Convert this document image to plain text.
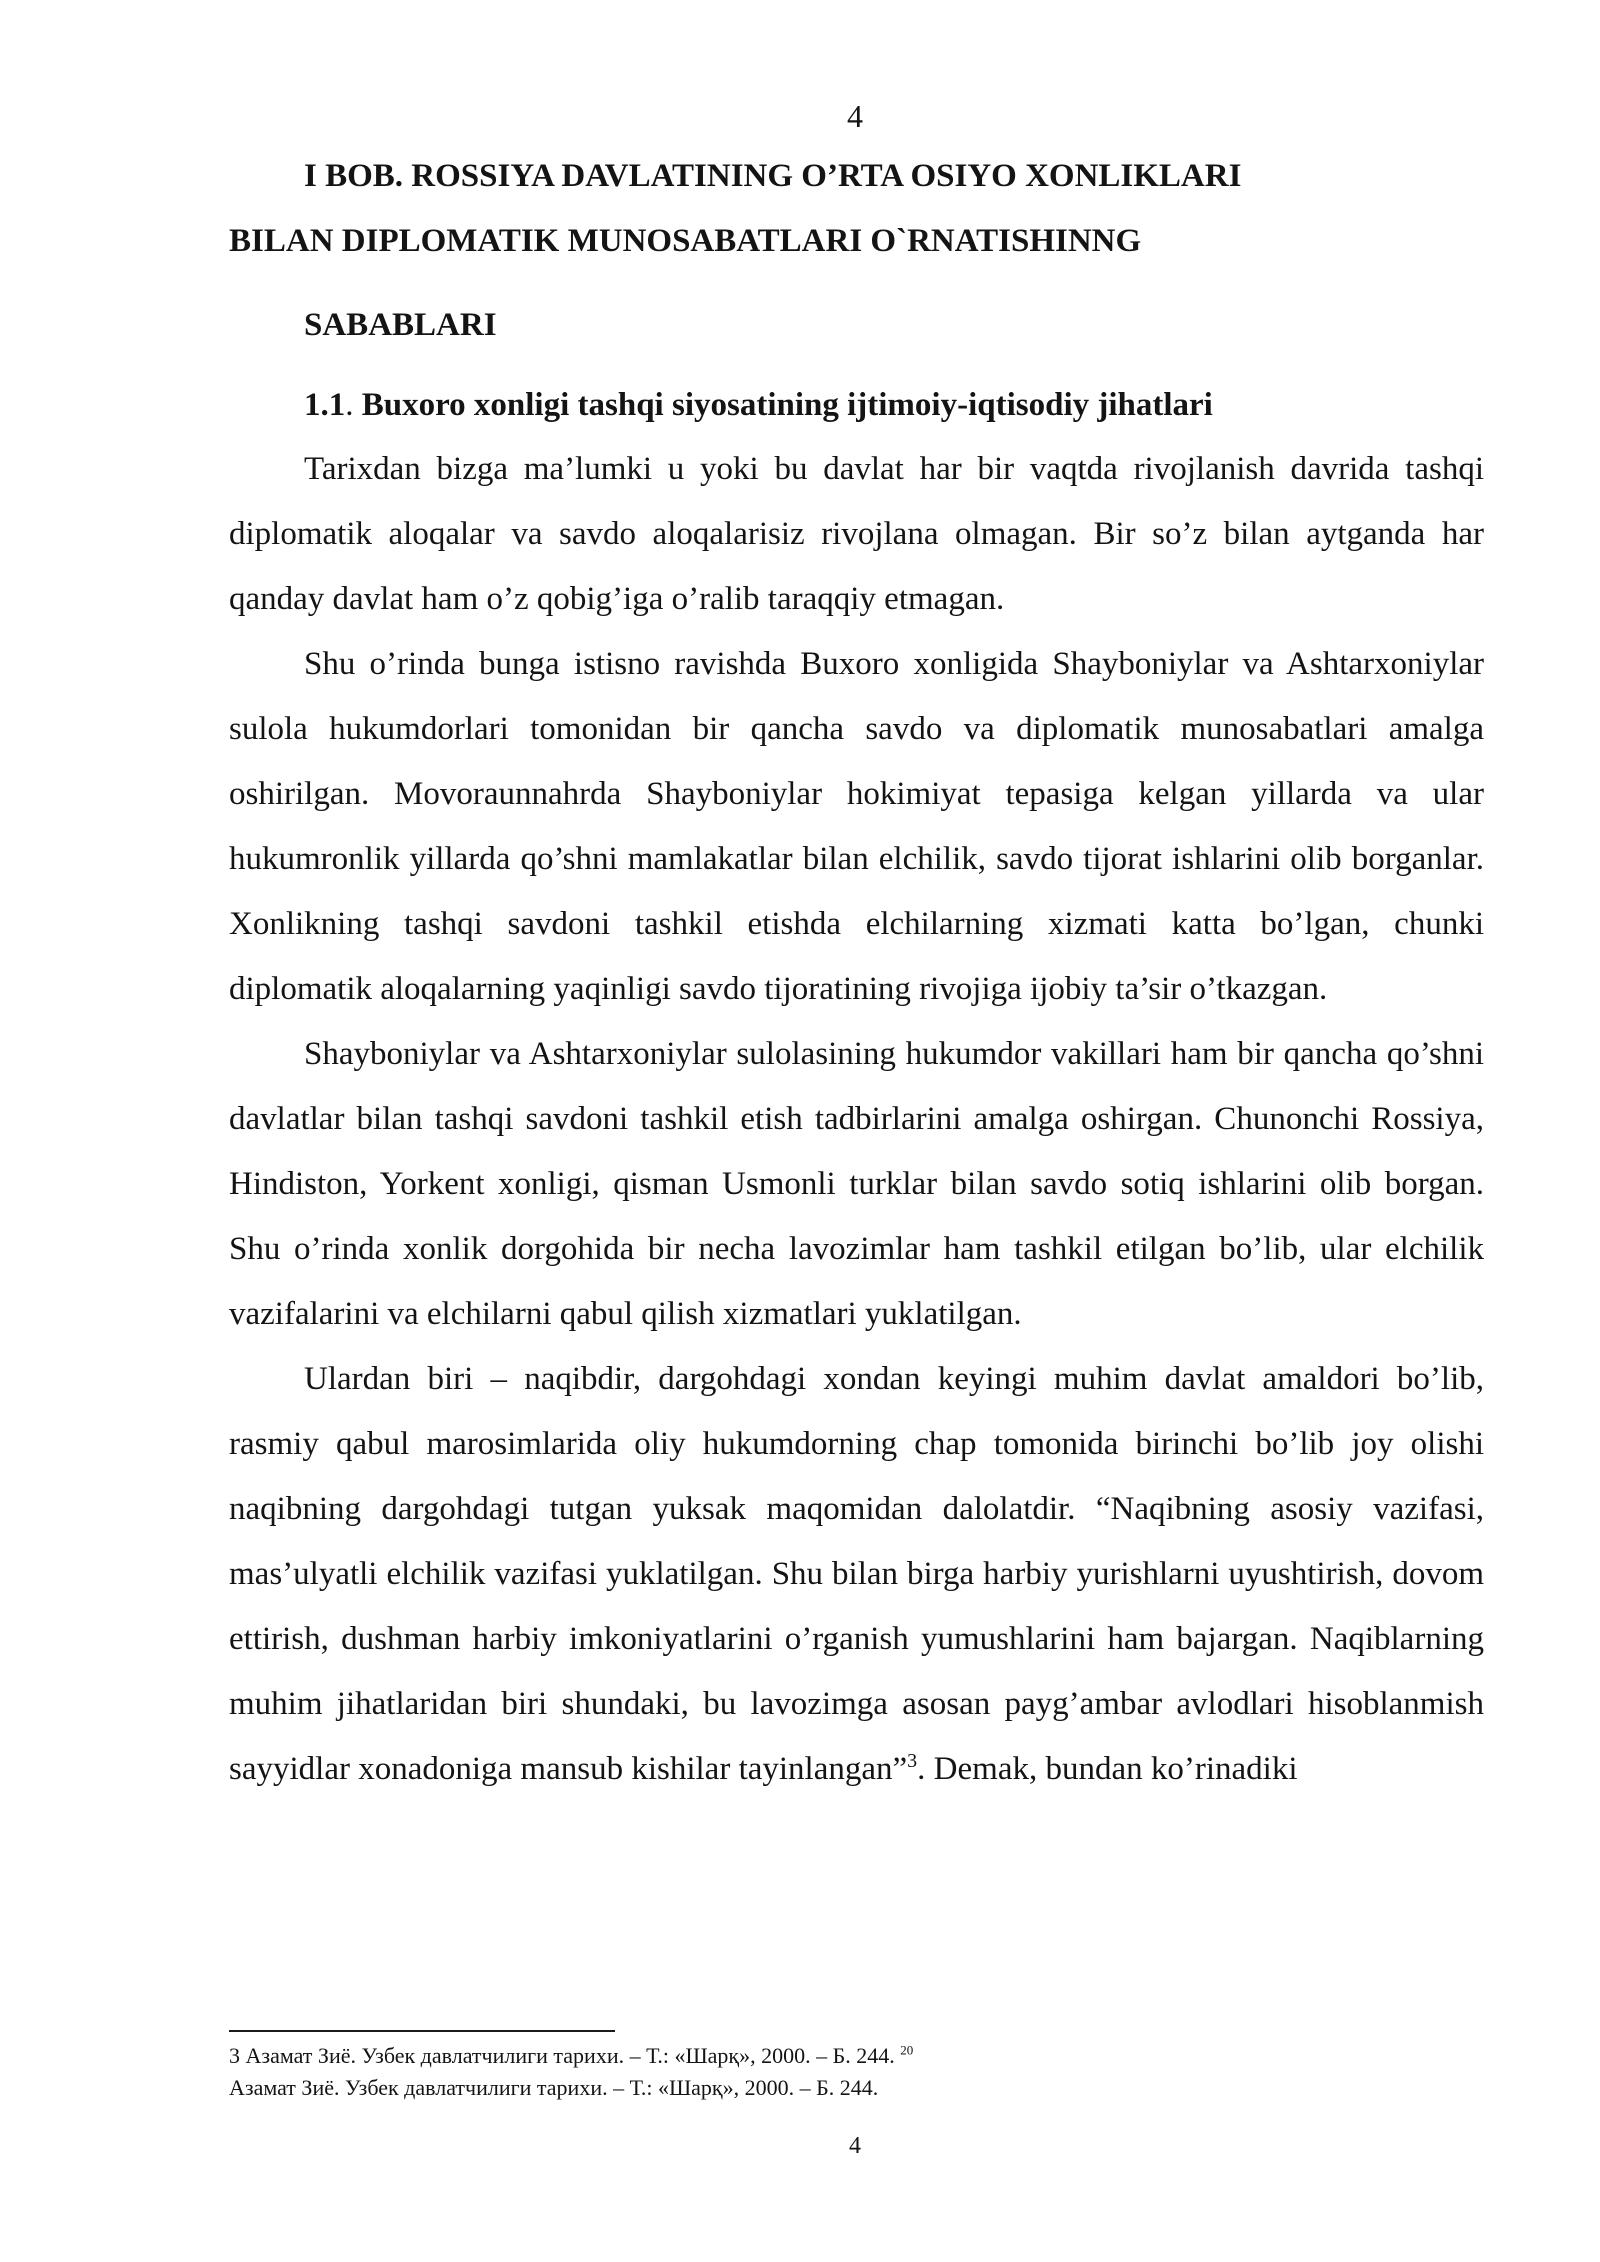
4
I BOB. ROSSIYA DAVLATINING O’RTA OSIYO XONLIKLARI
BILAN DIPLOMATIK MUNOSABATLARI O`RNATISHINNG
SABABLARI
1.1. Buxoro xonligi tashqi siyosatining ijtimoiy-iqtisodiy jihatlari

Tarixdan bizga ma’lumki u yoki bu davlat har bir vaqtda rivojlanish davrida tashqi diplomatik aloqalar va savdo aloqalarisiz rivojlana olmagan. Bir so’z bilan aytganda har qanday davlat ham o’z qobig’iga o’ralib taraqqiy etmagan.

Shu o’rinda bunga istisno ravishda Buxoro xonligida Shayboniylar va Ashtarxoniylar sulola hukumdorlari tomonidan bir qancha savdo va diplomatik munosabatlari amalga oshirilgan. Movoraunnahrda Shayboniylar hokimiyat tepasiga kelgan yillarda va ular hukumronlik yillarda qo’shni mamlakatlar bilan elchilik, savdo tijorat ishlarini olib borganlar. Xonlikning tashqi savdoni tashkil etishda elchilarning xizmati katta bo’lgan, chunki diplomatik aloqalarning yaqinligi savdo tijoratining rivojiga ijobiy ta’sir o’tkazgan.

Shayboniylar va Ashtarxoniylar sulolasining hukumdor vakillari ham bir qancha qo’shni davlatlar bilan tashqi savdoni tashkil etish tadbirlarini amalga oshirgan. Chunonchi Rossiya, Hindiston, Yorkent xonligi, qisman Usmonli turklar bilan savdo sotiq ishlarini olib borgan. Shu o’rinda xonlik dorgohida bir necha lavozimlar ham tashkil etilgan bo’lib, ular elchilik vazifalarini va elchilarni qabul qilish xizmatlari yuklatilgan.

Ulardan biri – naqibdir, dargohdagi xondan keyingi muhim davlat amaldori bo’lib, rasmiy qabul marosimlarida oliy hukumdorning chap tomonida birinchi bo’lib joy olishi naqibning dargohdagi tutgan yuksak maqomidan dalolatdir. “Naqibning asosiy vazifasi, mas’ulyatli elchilik vazifasi yuklatilgan. Shu bilan birga harbiy yurishlarni uyushtirish, dovom ettirish, dushman harbiy imkoniyatlarini o’rganish yumushlarini ham bajargan. Naqiblarning muhim jihatlaridan biri shundaki, bu lavozimga asosan payg’ambar avlodlari hisoblanmish sayyidlar xonadoniga mansub kishilar tayinlangan”$^3$. Demak, bundan ko’rinadiki

3 Азамат Зиё. Узбек давлатчилиги тарихи. – Т.: «Шарқ», 2000. – Б. 244. $^{20}$

Азамат Зиё. Узбек давлатчилиги тарихи. – Т.: «Шарқ», 2000. – Б. 244.

4
